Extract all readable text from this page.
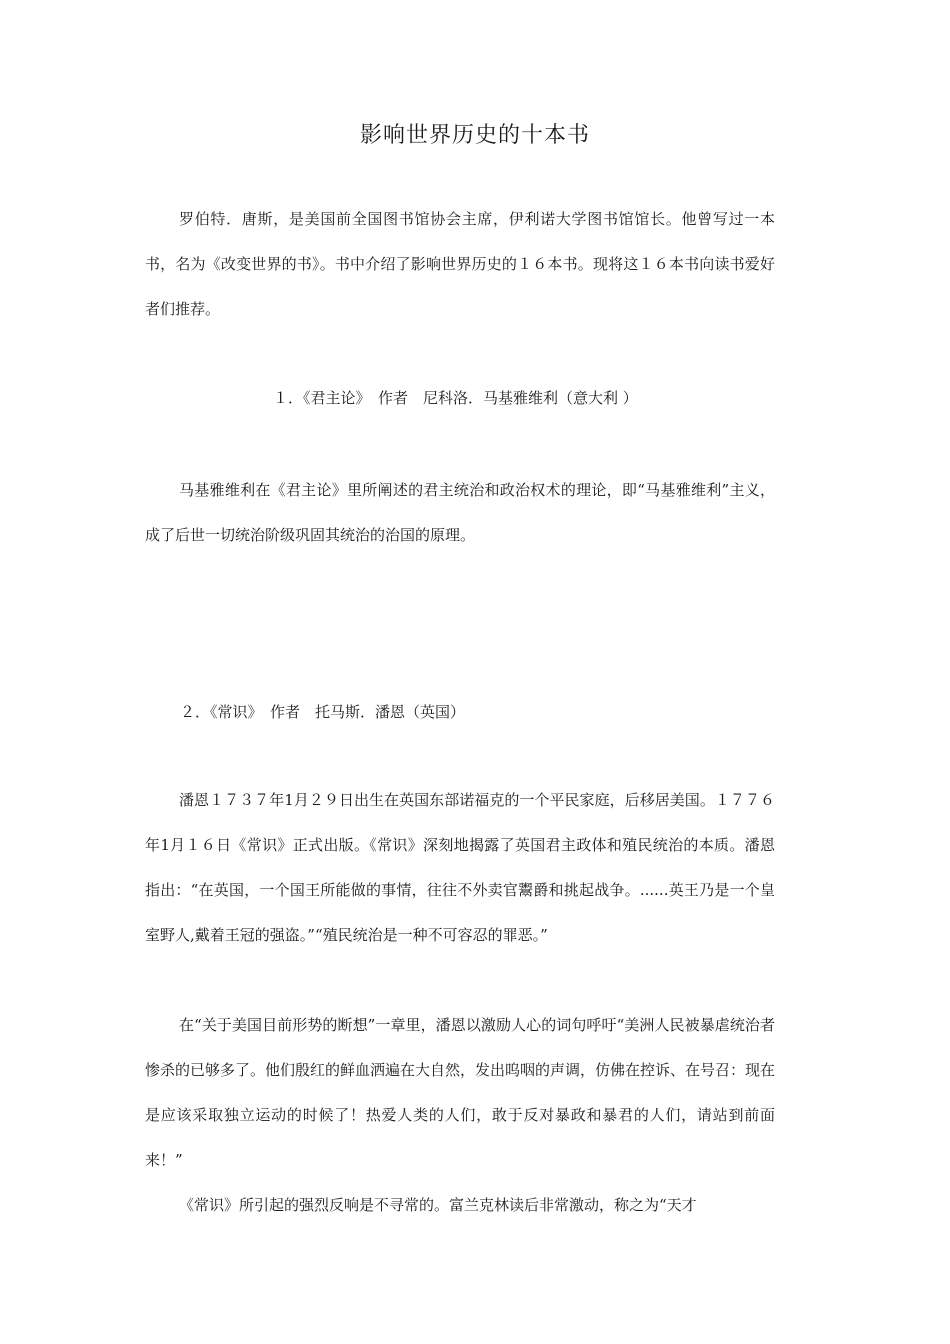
影响世界历史的十本书

罗伯特．唐斯，是美国前全国图书馆协会主席，伊利诺大学图书馆馆长。他曾写过一本书，名为《改变世界的书》。书中介绍了影响世界历史的１６本书。现将这１６本书向读书爱好者们推荐。

１．《君主论》　作者　尼科洛．马基雅维利（意大利 ）

马基雅维利在《君主论》里所阐述的君主统治和政治权术的理论，即“马基雅维利”主义，成了后世一切统治阶级巩固其统治的治国的原理。

２．《常识》　作者　托马斯．潘恩（英国）

潘恩１７３７年1月２９日出生在英国东部诺福克的一个平民家庭，后移居美国。１７７６年1月１６日《常识》正式出版。《常识》深刻地揭露了英国君主政体和殖民统治的本质。潘恩指出：“在英国，一个国王所能做的事情，往往不外卖官鬻爵和挑起战争。......英王乃是一个皇室野人,戴着王冠的强盗。”“殖民统治是一种不可容忍的罪恶。”

在“关于美国目前形势的断想”一章里，潘恩以激励人心的词句呼吁“美洲人民被暴虐统治者惨杀的已够多了。他们殷红的鲜血洒遍在大自然，发出呜咽的声调，仿佛在控诉、在号召：现在是应该采取独立运动的时候了！热爱人类的人们，敢于反对暴政和暴君的人们，请站到前面来！”

《常识》所引起的强烈反响是不寻常的。富兰克林读后非常激动，称之为“天才
